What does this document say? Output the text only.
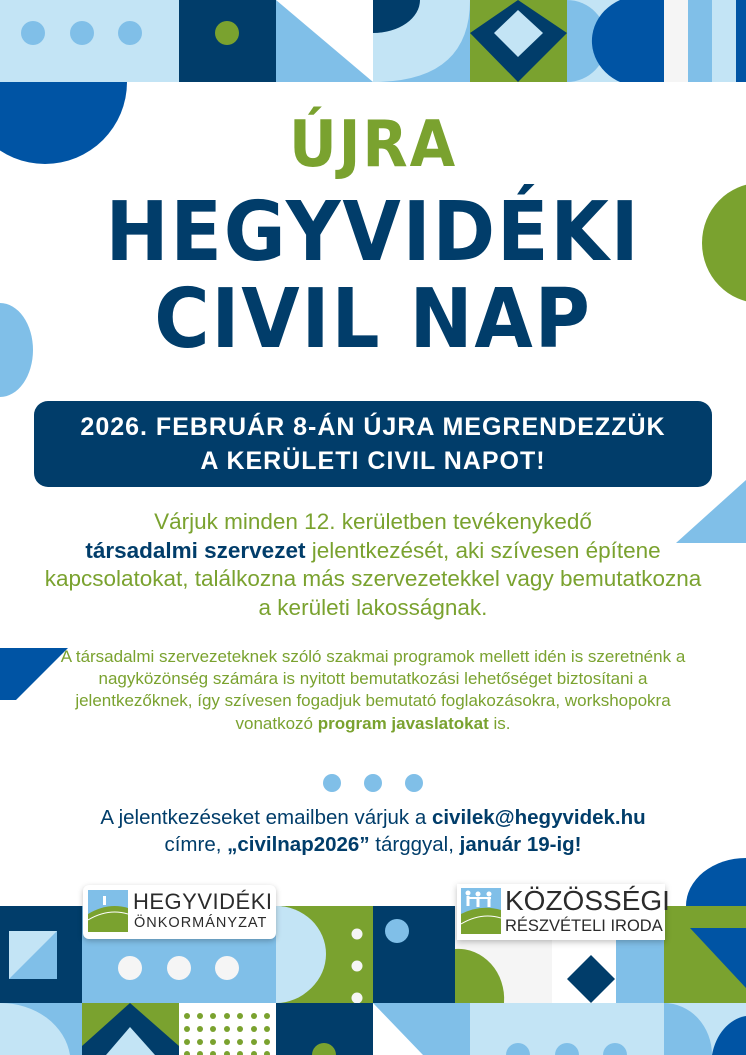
ÚJRA
HEGYVIDÉKI
CIVIL NAP
2026. FEBRUÁR 8-ÁN ÚJRA MEGRENDEZZÜK
A KERÜLETI CIVIL NAPOT!
Várjuk minden 12. kerületben tevékenykedő
társadalmi szervezet jelentkezését, aki szívesen építene kapcsolatokat, találkozna más szervezetekkel vagy bemutatkozna a kerületi lakosságnak.
A társadalmi szervezeteknek szóló szakmai programok mellett idén is szeretnénk a nagyközönség számára is nyitott bemutatkozási lehetőséget biztosítani a jelentkezőknek, így szívesen fogadjuk bemutató foglakozásokra, workshopokra vonatkozó program javaslatokat is.
A jelentkezéseket emailben várjuk a civilek@hegyvidek.hu
címre, „civilnap2026” tárggyal, január 19-ig!
HEGYVIDÉKI
ÖNKORMÁNYZAT
KÖZÖSSÉGI
RÉSZVÉTELI IRODA
